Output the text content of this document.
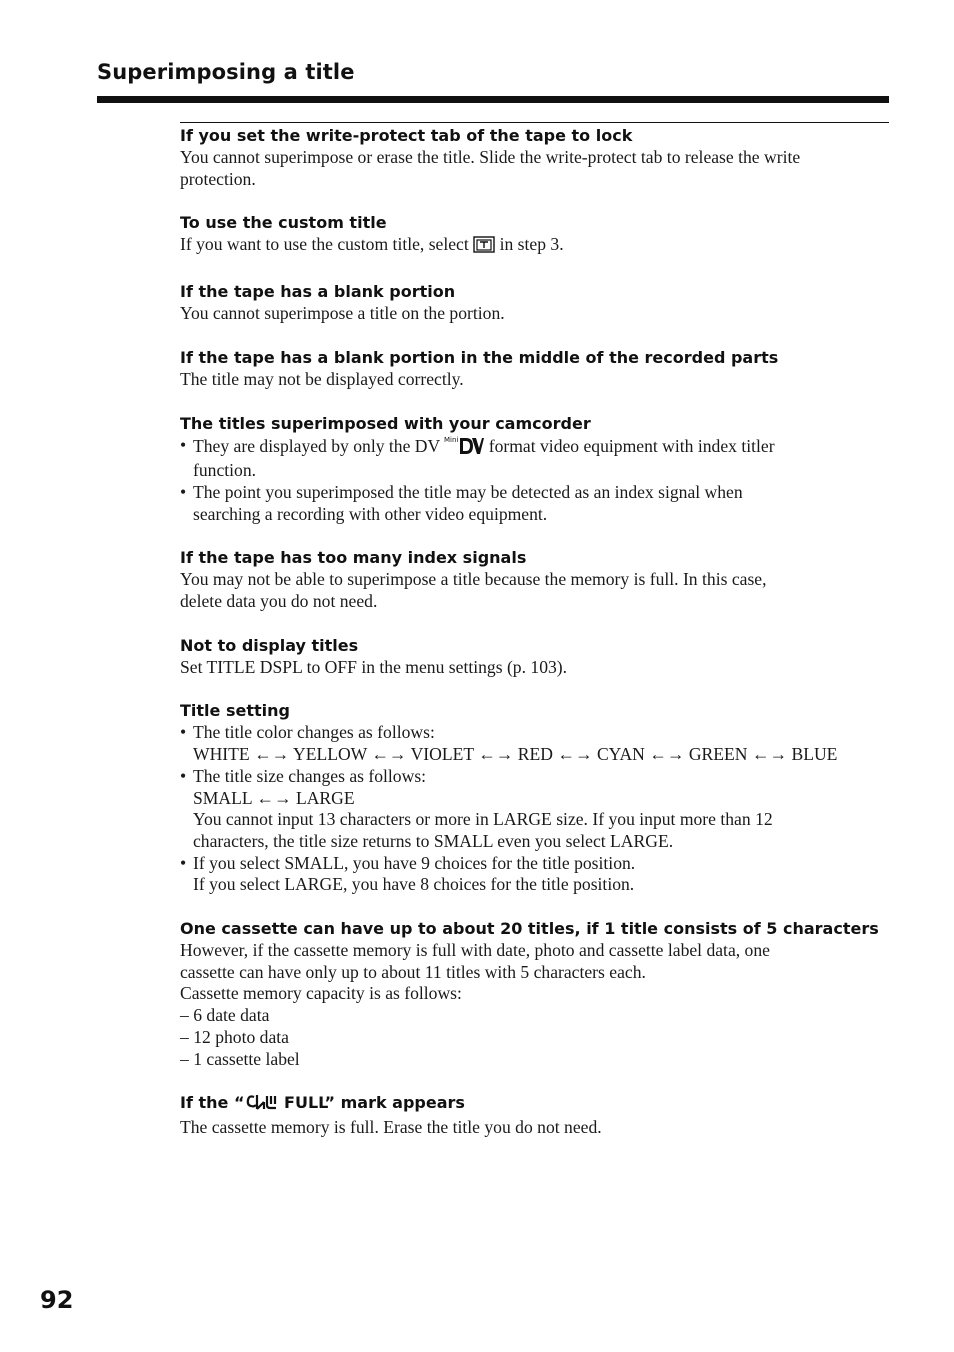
Superimposing a title
If you set the write-protect tab of the tape to lock
You cannot superimpose or erase the title. Slide the write-protect tab to release the write
protection.
To use the custom title
If you want to use the custom title, select in step 3.
If the tape has a blank portion
You cannot superimpose a title on the portion.
If the tape has a blank portion in the middle of the recorded parts
The title may not be displayed correctly.
The titles superimposed with your camcorder
• They are displayed by only the DV Mini format video equipment with index titler
function.
• The point you superimposed the title may be detected as an index signal when
searching a recording with other video equipment.
If the tape has too many index signals
You may not be able to superimpose a title because the memory is full. In this case,
delete data you do not need.
Not to display titles
Set TITLE DSPL to OFF in the menu settings (p. 103).
Title setting
• The title color changes as follows:
WHITE ←→ YELLOW ←→ VIOLET ←→ RED ←→ CYAN ←→ GREEN ←→ BLUE
• The title size changes as follows:
SMALL ←→ LARGE
You cannot input 13 characters or more in LARGE size. If you input more than 12
characters, the title size returns to SMALL even you select LARGE.
• If you select SMALL, you have 9 choices for the title position.
If you select LARGE, you have 8 choices for the title position.
One cassette can have up to about 20 titles, if 1 title consists of 5 characters
However, if the cassette memory is full with date, photo and cassette label data, one
cassette can have only up to about 11 titles with 5 characters each.
Cassette memory capacity is as follows:
– 6 date data
– 12 photo data
– 1 cassette label
If the “ FULL” mark appears
The cassette memory is full. Erase the title you do not need.
92
